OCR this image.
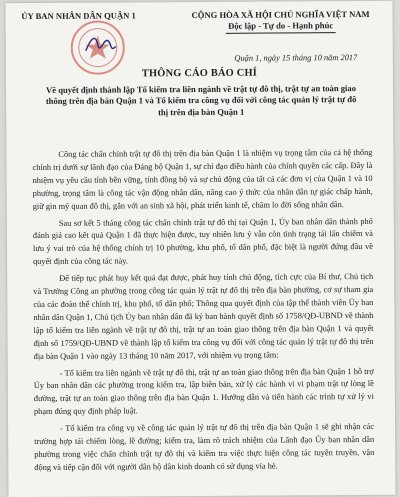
ỦY BAN NHÂN DÂN QUẬN 1	CỘNG HÒA XÃ HỘI CHỦ NGHĨA VIỆT NAM
Độc lập - Tự do - Hạnh phúc
Quận 1, ngày 15 tháng 10 năm 2017
THÔNG CÁO BÁO CHÍ
Về quyết định thành lập Tổ kiểm tra liên ngành về trật tự đô thị, trật tự an toàn giao thông trên địa bàn Quận 1 và Tổ kiểm tra công vụ đối với công tác quản lý trật tự đô thị trên địa bàn Quận 1

Công tác chấn chỉnh trật tự đô thị trên địa bàn Quận 1 là nhiệm vụ trọng tâm của cả hệ thống chính trị dưới sự lãnh đạo của Đảng bộ Quận 1, sự chỉ đạo điều hành của chính quyền các cấp. Đây là nhiệm vụ yêu cầu tính bền vững, tính đồng bộ và sự chủ động của tất cả các đơn vị của Quận 1 và 10 phường, trọng tâm là công tác vận động nhân dân, nâng cao ý thức của nhân dân tự giác chấp hành, giữ gìn mỹ quan đô thị, gắn với an sinh xã hội, phát triển kinh tế, chăm lo đời sống nhân dân.

Sau sơ kết 5 tháng công tác chấn chỉnh trật tự đô thị tại Quận 1, Ủy ban nhân dân thành phố đánh giá cao kết quả Quận 1 đã thực hiện được, tuy nhiên lưu ý vẫn còn tình trạng tái lấn chiếm và lưu ý vai trò của hệ thống chính trị 10 phường, khu phố, tổ dân phố, đặc biệt là người đứng đầu về quyết định của công tác này.

Để tiếp tục phát huy kết quả đạt được, phát huy tính chủ động, tích cực của Bí thư, Chủ tịch và Trưởng Công an phường trong công tác quản lý trật tự đô thị trên địa bàn phường, cơ sự tham gia của các đoàn thể chính trị, khu phố, tổ dân phố; Thông qua quyết định của tập thể thành viên Ủy ban nhân dân Quận 1, Chủ tịch Ủy ban nhân dân đã ký ban hành quyết định số 1758/QĐ-UBND về thành lập tổ kiểm tra liên ngành về trật tự đô thị, trật tự an toàn giao thông trên địa bàn Quận 1 và quyết định số 1759/QĐ-UBND về thành lập tổ kiểm tra công vụ đối với công tác quản lý trật tự đô thị trên địa bàn Quận 1 vào ngày 13 tháng 10 năm 2017, với nhiệm vụ trọng tâm:

- Tổ kiểm tra liên ngành về trật tự đô thị, trật tự an toàn giao thông trên địa bàn Quận 1 hỗ trợ Ủy ban nhân dân các phường trong kiểm tra, lập biên bản, xử lý các hành vi vi phạm trật tự lòng lề đường, trật tự an toàn giao thông trên địa bàn Quận 1. Hướng dẫn và tiến hành các trình tự xử lý vi phạm đúng quy định pháp luật.

- Tổ kiểm tra công vụ về công tác quản lý trật tự đô thị trên địa bàn Quận 1 sẽ ghi nhận các trường hợp tái chiếm lòng, lề đường; kiểm tra, làm rõ trách nhiệm của Lãnh đạo Ủy ban nhân dân phường trong việc chấn chỉnh trật tự đô thị và kiểm tra việc thực hiện công tác tuyên truyền, vận động và tiếp cận đối với người dân hộ dân kinh doanh có sử dụng vỉa hè.
